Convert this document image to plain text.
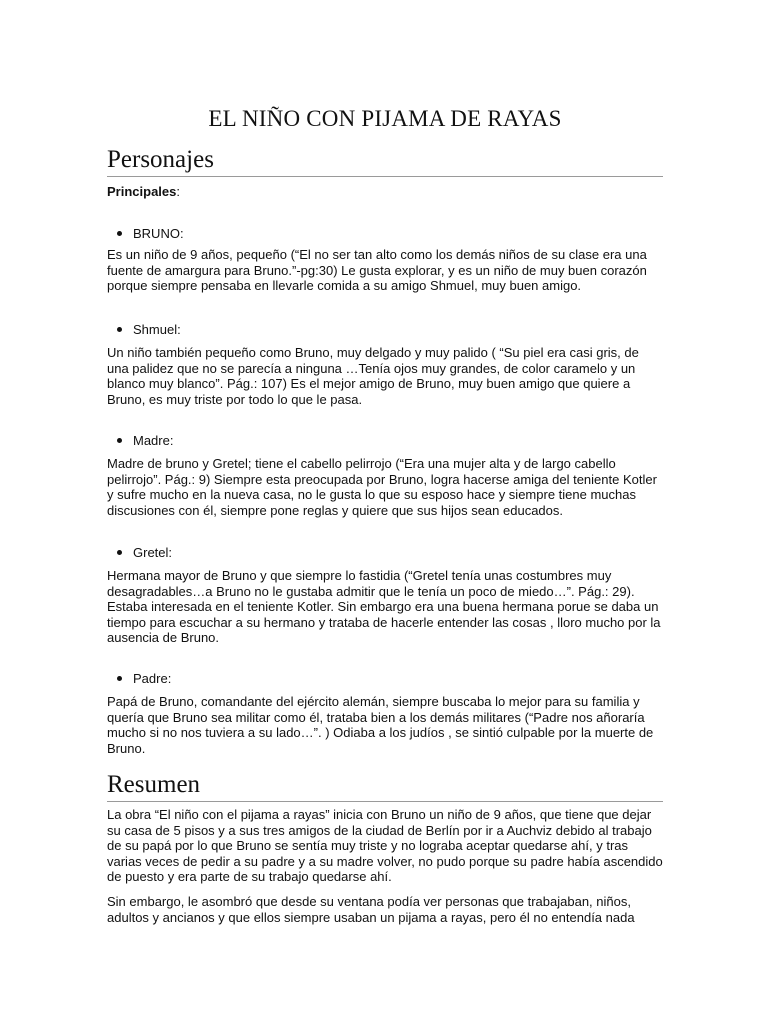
EL NIÑO CON PIJAMA DE RAYAS
Personajes

Principales:

BRUNO:

Es un niño de 9 años, pequeño (“El no ser tan alto como los demás niños de su clase era una fuente de amargura para Bruno.”-pg:30) Le gusta explorar, y es un niño de muy buen corazón porque siempre pensaba en llevarle comida a su amigo Shmuel, muy buen amigo.

Shmuel:

Un niño también pequeño como Bruno, muy delgado y muy palido ( “Su piel era casi gris, de una palidez que no se parecía a ninguna …Tenía ojos muy grandes, de color caramelo y un blanco muy blanco”. Pág.: 107) Es el mejor amigo de Bruno, muy buen amigo que quiere a Bruno, es muy triste por todo lo que le pasa.

Madre:

Madre de bruno y Gretel; tiene el cabello pelirrojo (“Era una mujer alta y de largo cabello pelirrojo”. Pág.: 9) Siempre esta preocupada por Bruno, logra hacerse amiga del teniente Kotler y sufre mucho en la nueva casa, no le gusta lo que su esposo hace y siempre tiene muchas discusiones con él, siempre pone reglas y quiere que sus hijos sean educados.

Gretel:

Hermana mayor de Bruno y que siempre lo fastidia (“Gretel tenía unas costumbres muy desagradables…a Bruno no le gustaba admitir que le tenía un poco de miedo…”. Pág.: 29). Estaba interesada en el teniente Kotler. Sin embargo era una buena hermana porue se daba un tiempo para escuchar a su hermano y trataba de hacerle entender las cosas , lloro mucho por la ausencia de Bruno.

Padre:

Papá de Bruno, comandante del ejército alemán, siempre buscaba lo mejor para su familia y quería que Bruno sea militar como él, trataba bien a los demás militares (“Padre nos añoraría mucho si no nos tuviera a su lado…”. ) Odiaba a los judíos , se sintió culpable por la muerte de Bruno.

Resumen

La obra “El niño con el pijama a rayas” inicia con Bruno un niño de 9 años, que tiene que dejar su casa de 5 pisos y a sus tres amigos de la ciudad de Berlín por ir a Auchviz debido al trabajo de su papá por lo que Bruno se sentía muy triste y no lograba aceptar quedarse ahí, y tras varias veces de pedir a su padre y a su madre volver, no pudo porque su padre había ascendido de puesto y era parte de su trabajo quedarse ahí.

Sin embargo, le asombró que desde su ventana podía ver personas que trabajaban, niños, adultos y ancianos y que ellos siempre usaban un pijama a rayas, pero él no entendía nada
